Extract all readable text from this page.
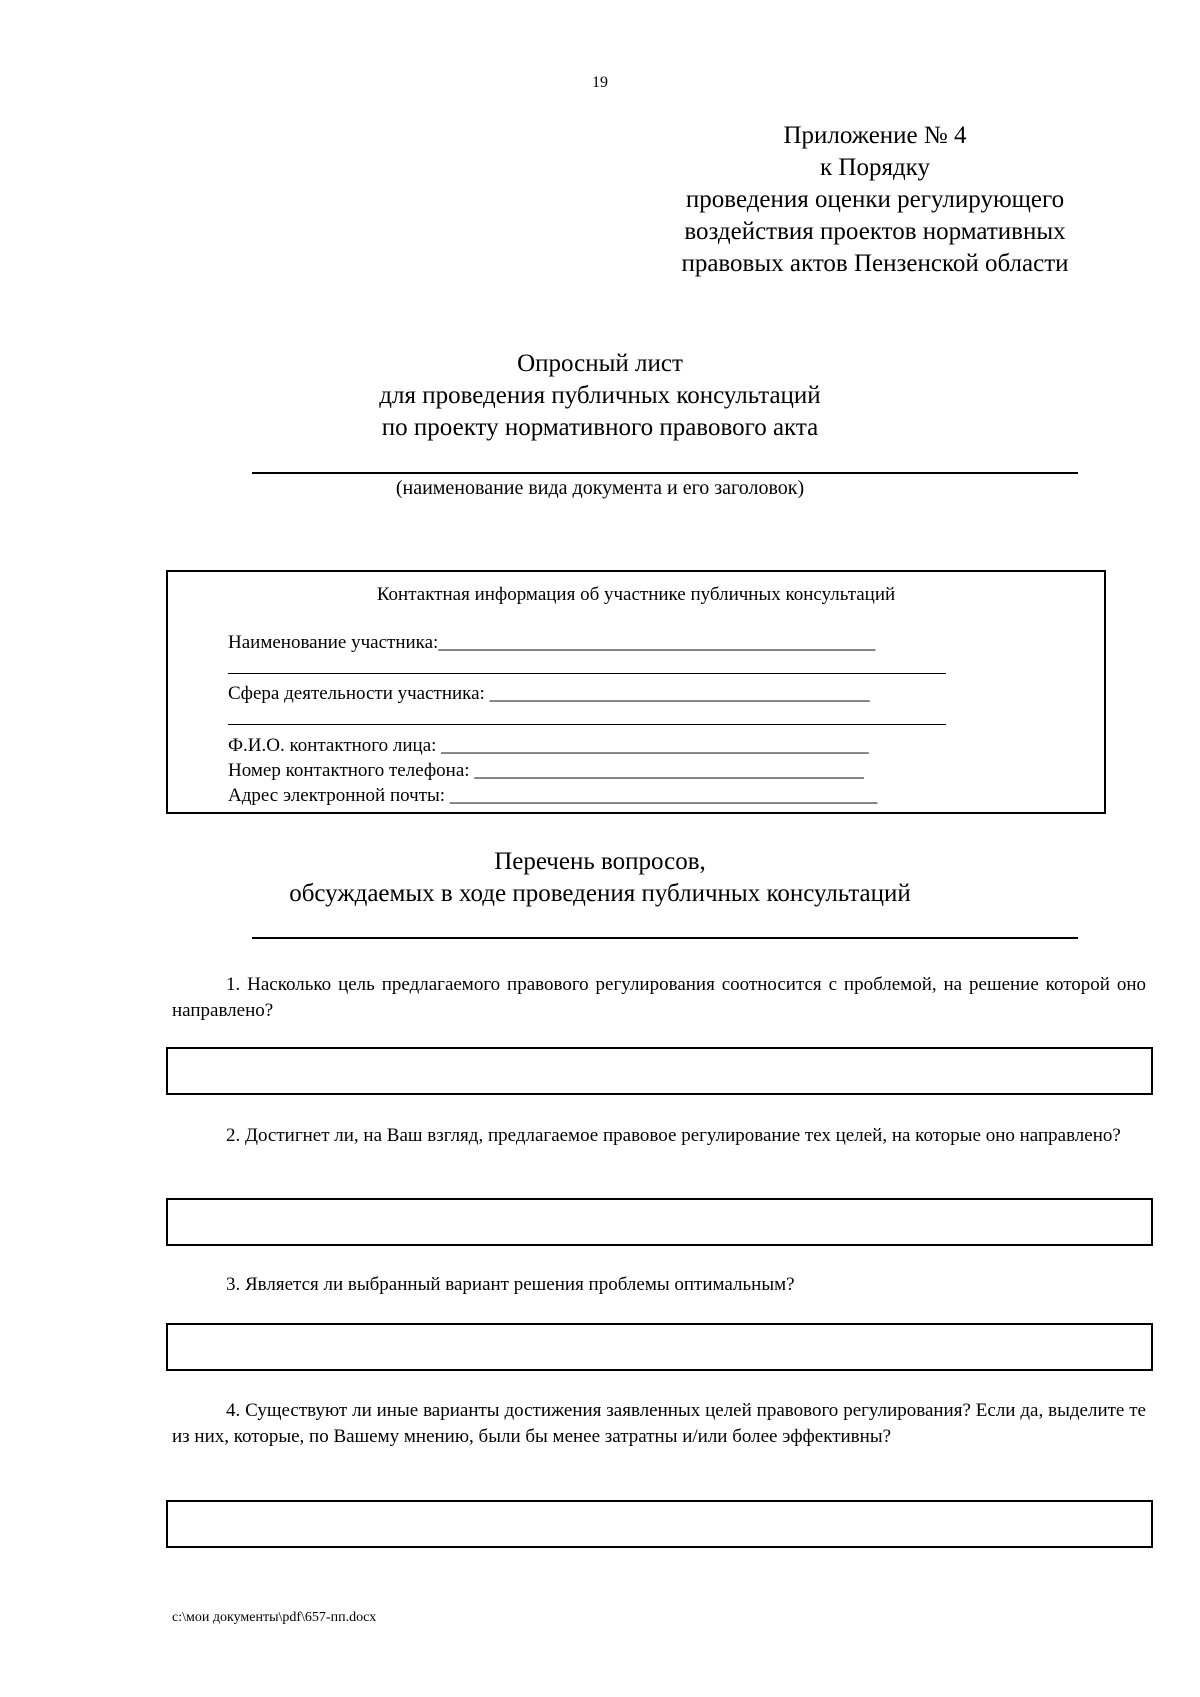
19
Приложение № 4
к Порядку
проведения оценки регулирующего
воздействия проектов нормативных
правовых актов Пензенской области
Опросный лист
для проведения публичных консультаций
по проекту нормативного правового акта
(наименование вида документа и его заголовок)
Контактная информация об участнике публичных консультаций
Наименование участника:______________________________________________
Сфера деятельности участника: ________________________________________
Ф.И.О. контактного лица: _____________________________________________
Номер контактного телефона: _________________________________________
Адрес электронной почты: _____________________________________________
Перечень вопросов,
обсуждаемых в ходе проведения публичных консультаций
1. Насколько цель предлагаемого правового регулирования соотносится с проблемой, на решение которой оно направлено?
2. Достигнет ли, на Ваш взгляд, предлагаемое правовое регулирование тех целей, на которые оно направлено?
3. Является ли выбранный вариант решения проблемы оптимальным?
4. Существуют ли иные варианты достижения заявленных целей правового регулирования? Если да, выделите те из них, которые, по Вашему мнению, были бы менее затратны и/или более эффективны?
c:\мои документы\pdf\657-пп.docx
